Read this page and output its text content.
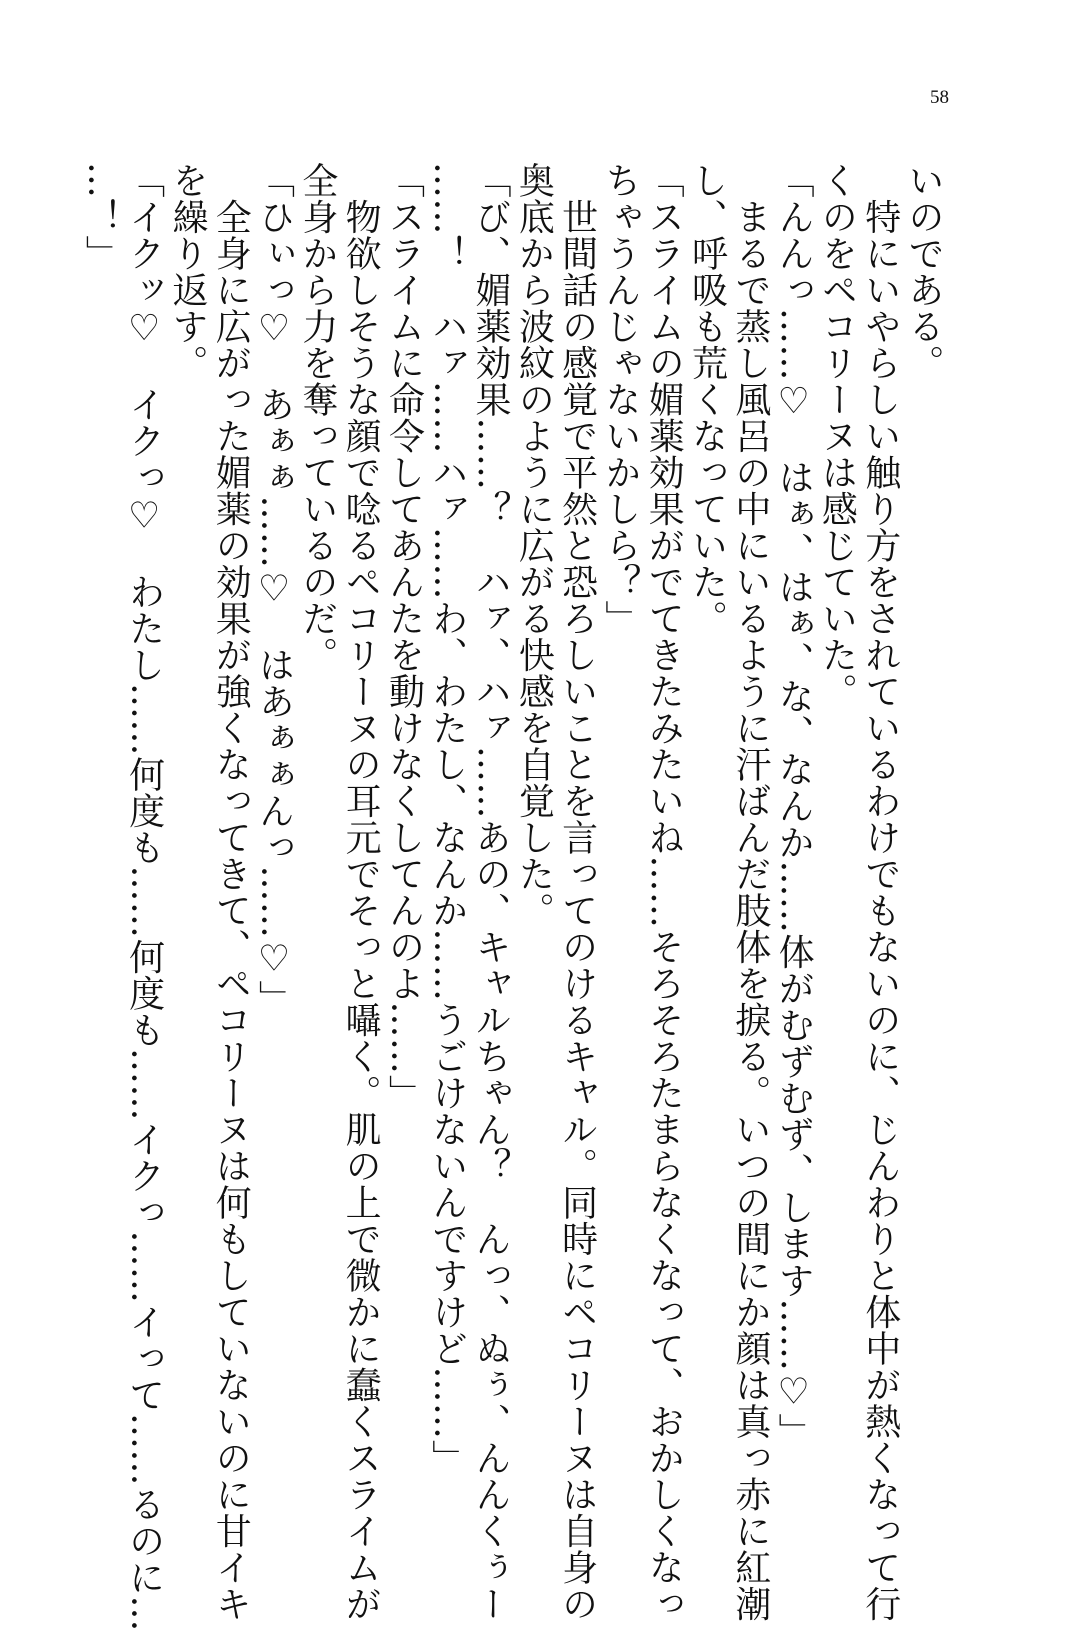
58
いのである。
　特にいやらしい触り方をされているわけでもないのに、じんわりと体中が熱くなって行
くのをペコリーヌは感じていた。
「んんっ……♡　はぁ、はぁ、な、なんか……体がむずむず、します……♡」
　まるで蒸し風呂の中にいるように汗ばんだ肢体を捩る。いつの間にか顔は真っ赤に紅潮
し、呼吸も荒くなっていた。
「スライムの媚薬効果がでてきたみたいね……そろそろたまらなくなって、おかしくなっ
ちゃうんじゃないかしら？」
　世間話の感覚で平然と恐ろしいことを言ってのけるキャル。同時にペコリーヌは自身の
奥底から波紋のように広がる快感を自覚した。
「び、媚薬効果……？　ハァ、ハァ……あの、キャルちゃん？　んっ、ぬぅ、んんくぅー
……！　ハァ……ハァ……わ、わたし、なんか……うごけないんですけど……」
「スライムに命令してあんたを動けなくしてんのよ……」
　物欲しそうな顔で唸るペコリーヌの耳元でそっと囁く。肌の上で微かに蠢くスライムが
全身から力を奪っているのだ。
「ひぃっ♡　あぁぁ……♡　はあぁぁんっ……♡」
　全身に広がった媚薬の効果が強くなってきて、ペコリーヌは何もしていないのに甘イキ
を繰り返す。
「イクッ♡　イクっ♡　わたし……何度も……何度も……イクっ……イって……るのに…
…！」
